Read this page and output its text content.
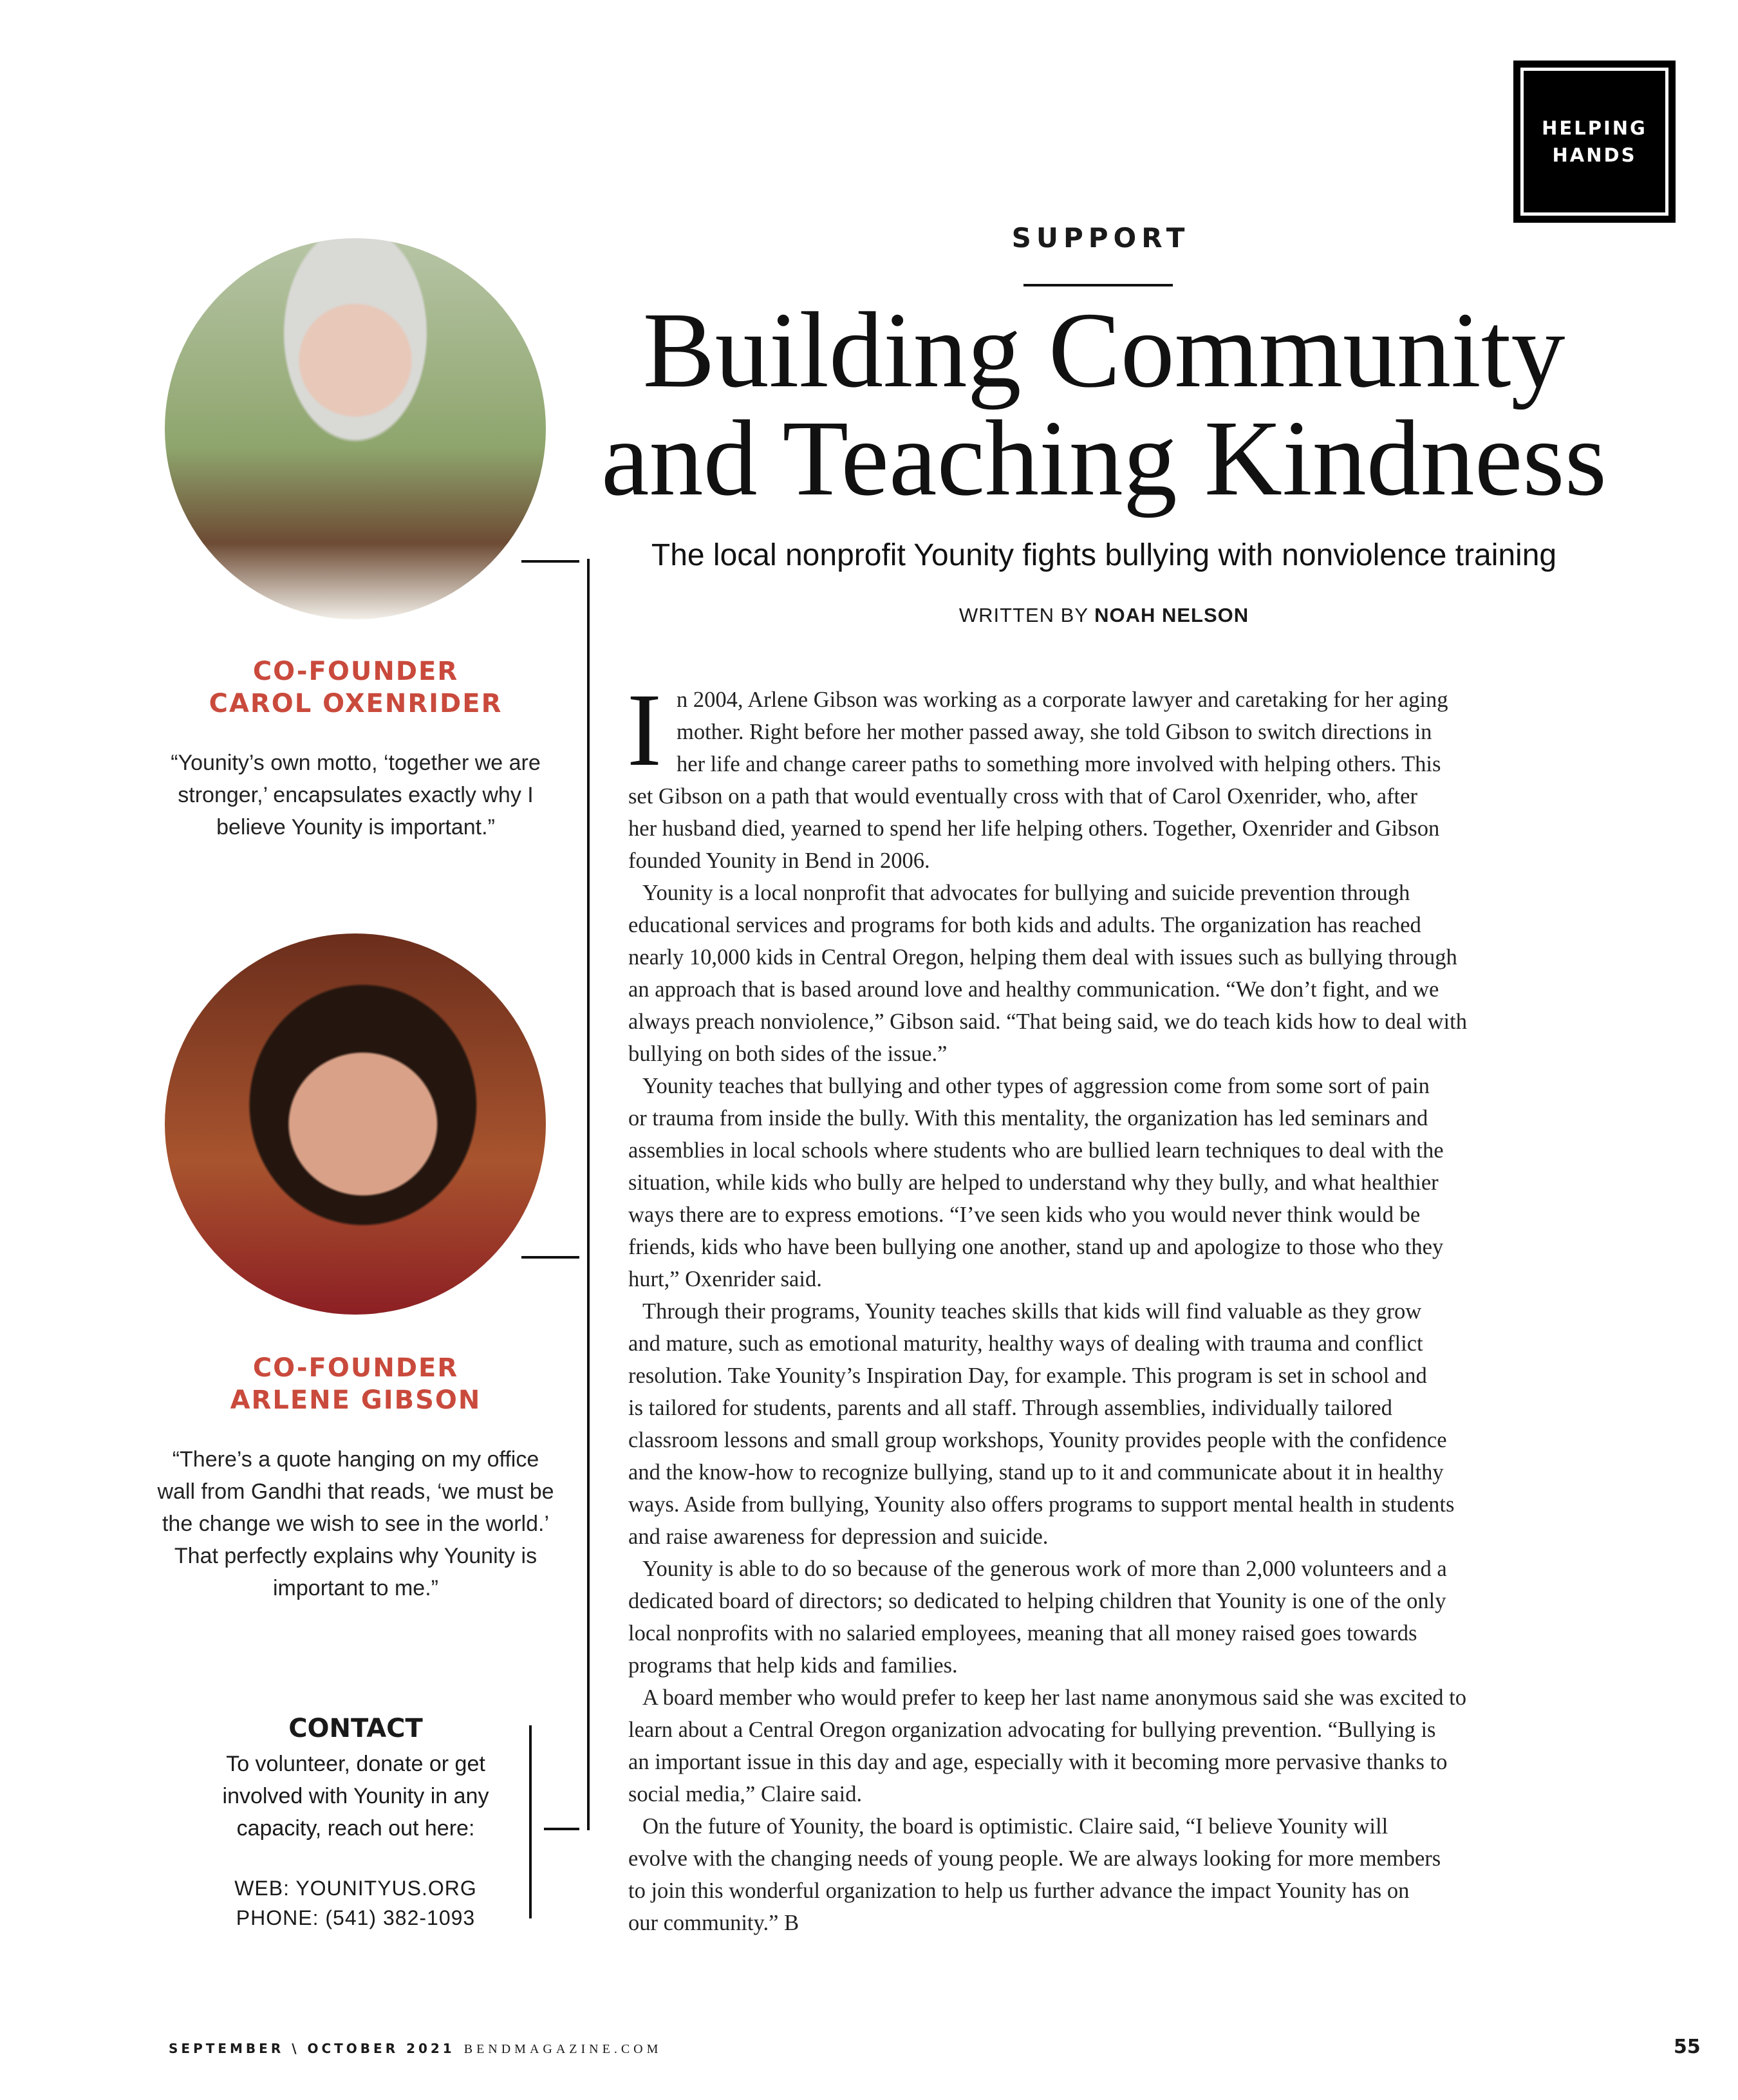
HELPING
HANDS
SUPPORT
Building Community
and Teaching Kindness
The local nonprofit Younity fights bullying with nonviolence training
WRITTEN BY NOAH NELSON
I n 2004, Arlene Gibson was working as a corporate lawyer and caretaking for her aging
mother. Right before her mother passed away, she told Gibson to switch directions in
her life and change career paths to something more involved with helping others. This
set Gibson on a path that would eventually cross with that of Carol Oxenrider, who, after
her husband died, yearned to spend her life helping others. Together, Oxenrider and Gibson
founded Younity in Bend in 2006.
Younity is a local nonprofit that advocates for bullying and suicide prevention through
educational services and programs for both kids and adults. The organization has reached
nearly 10,000 kids in Central Oregon, helping them deal with issues such as bullying through
an approach that is based around love and healthy communication. “We don’t fight, and we
always preach nonviolence,” Gibson said. “That being said, we do teach kids how to deal with
bullying on both sides of the issue.”
Younity teaches that bullying and other types of aggression come from some sort of pain
or trauma from inside the bully. With this mentality, the organization has led seminars and
assemblies in local schools where students who are bullied learn techniques to deal with the
situation, while kids who bully are helped to understand why they bully, and what healthier
ways there are to express emotions. “I’ve seen kids who you would never think would be
friends, kids who have been bullying one another, stand up and apologize to those who they
hurt,” Oxenrider said.
Through their programs, Younity teaches skills that kids will find valuable as they grow
and mature, such as emotional maturity, healthy ways of dealing with trauma and conflict
resolution. Take Younity’s Inspiration Day, for example. This program is set in school and
is tailored for students, parents and all staff. Through assemblies, individually tailored
classroom lessons and small group workshops, Younity provides people with the confidence
and the know-how to recognize bullying, stand up to it and communicate about it in healthy
ways. Aside from bullying, Younity also offers programs to support mental health in students
and raise awareness for depression and suicide.
Younity is able to do so because of the generous work of more than 2,000 volunteers and a
dedicated board of directors; so dedicated to helping children that Younity is one of the only
local nonprofits with no salaried employees, meaning that all money raised goes towards
programs that help kids and families.
A board member who would prefer to keep her last name anonymous said she was excited to
learn about a Central Oregon organization advocating for bullying prevention. “Bullying is
an important issue in this day and age, especially with it becoming more pervasive thanks to
social media,” Claire said.
On the future of Younity, the board is optimistic. Claire said, “I believe Younity will
evolve with the changing needs of young people. We are always looking for more members
to join this wonderful organization to help us further advance the impact Younity has on
our community.” B
CO-FOUNDER
CAROL OXENRIDER
“Younity’s own motto, ‘together we are
stronger,’ encapsulates exactly why I
believe Younity is important.”
CO-FOUNDER
ARLENE GIBSON
“There’s a quote hanging on my office
wall from Gandhi that reads, ‘we must be
the change we wish to see in the world.’
That perfectly explains why Younity is
important to me.”
CONTACT
To volunteer, donate or get
involved with Younity in any
capacity, reach out here:
WEB: YOUNITYUS.ORG
PHONE: (541) 382-1093
SEPTEMBER \ OCTOBER 2021 BENDMAGAZINE.COM	55
